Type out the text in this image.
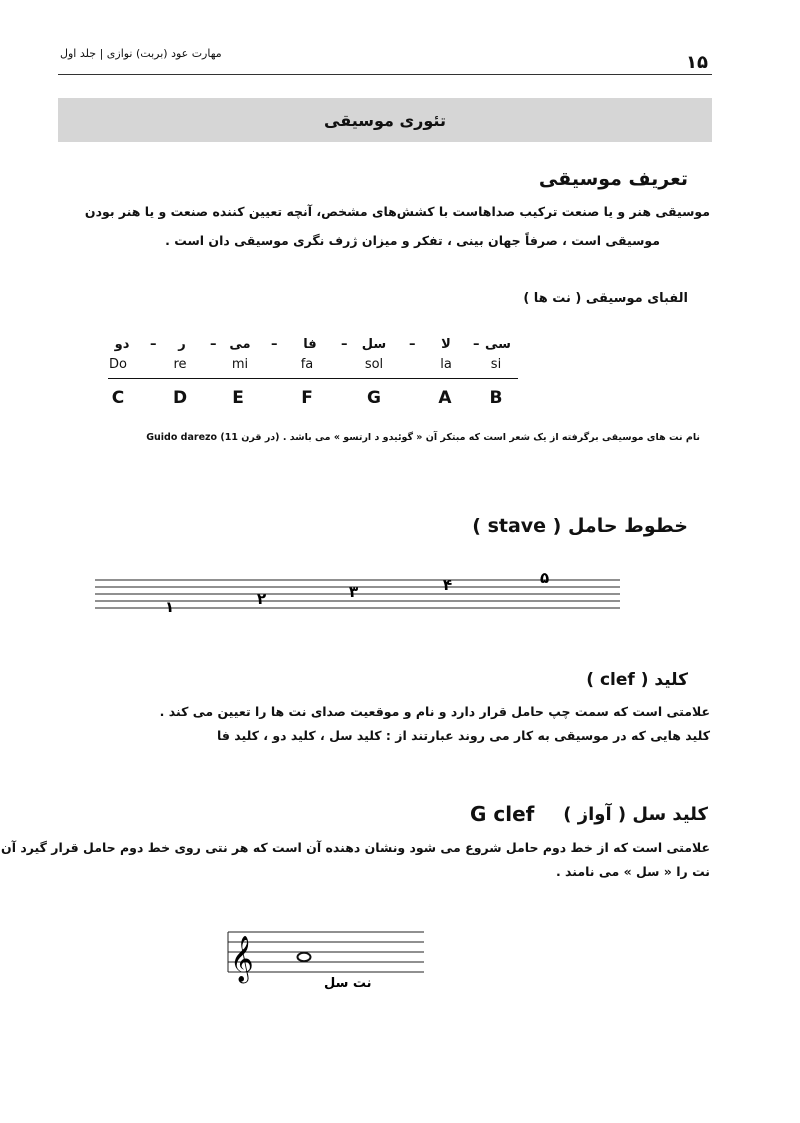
۱۵
مهارت عود (بربت) نوازی | جلد اول
تئوری موسیقی
تعریف موسیقی
موسیقی هنر و یا صنعت ترکیب صداهاست با کشش‌های مشخص، آنچه تعیین کننده صنعت و یا هنر بودن
موسیقی است ، صرفاً جهان بینی ، تفکر و میزان ژرف نگری موسیقی دان است .
الفبای موسیقی ( نت ها )
دو	ر	می	فا	سل	لا	سی
–	–	–	–	–	–
Do	re	mi	fa	sol	la	si
C	D	E	F	G	A	B
نام نت های موسیقی برگرفته از یک شعر است که مبتکر آن « گوئیدو د ارتسو » می باشد . (در قرن 11) Guido darezo
خطوط حامل ( stave )
۱	۲	۳	۴	۵
کلید ( clef )
علامتی است که سمت چپ حامل قرار دارد و نام و موقعیت صدای نت ها را تعیین می کند .
کلید هایی که در موسیقی به کار می روند عبارتند از : کلید سل ، کلید دو ، کلید فا
G clef کلید سل ( آواز )
علامتی است که از خط دوم حامل شروع می شود ونشان دهنده آن است که هر نتی روی خط دوم حامل قرار گیرد آن
نت را « سل » می نامند .
𝄞
نت سل
